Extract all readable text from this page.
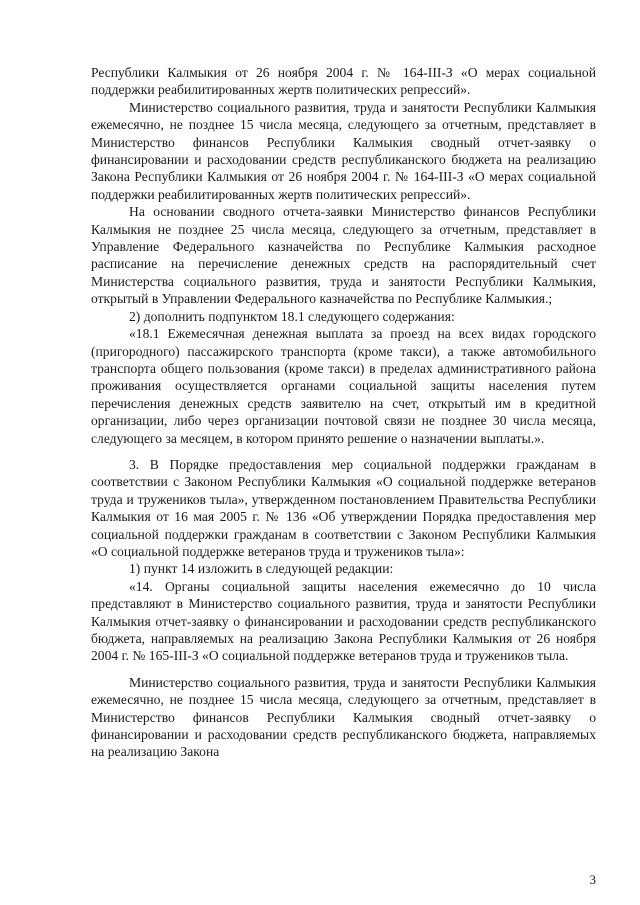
Республики Калмыкия от 26 ноября 2004 г. № 164-III-З «О мерах социальной поддержки реабилитированных жертв политических репрессий».

Министерство социального развития, труда и занятости Республики Калмыкия ежемесячно, не позднее 15 числа месяца, следующего за отчетным, представляет в Министерство финансов Республики Калмыкия сводный отчет-заявку о финансировании и расходовании средств республиканского бюджета на реализацию Закона Республики Калмыкия от 26 ноября 2004 г. № 164-III-З «О мерах социальной поддержки реабилитированных жертв политических репрессий».

На основании сводного отчета-заявки Министерство финансов Республики Калмыкия не позднее 25 числа месяца, следующего за отчетным, представляет в Управление Федерального казначейства по Республике Калмыкия расходное расписание на перечисление денежных средств на распорядительный счет Министерства социального развития, труда и занятости Республики Калмыкия, открытый в Управлении Федерального казначейства по Республике Калмыкия.;

2) дополнить подпунктом 18.1 следующего содержания:

«18.1 Ежемесячная денежная выплата за проезд на всех видах городского (пригородного) пассажирского транспорта (кроме такси), а также автомобильного транспорта общего пользования (кроме такси) в пределах административного района проживания осуществляется органами социальной защиты населения путем перечисления денежных средств заявителю на счет, открытый им в кредитной организации, либо через организации почтовой связи не позднее 30 числа месяца, следующего за месяцем, в котором принято решение о назначении выплаты.».

3. В Порядке предоставления мер социальной поддержки гражданам в соответствии с Законом Республики Калмыкия «О социальной поддержке ветеранов труда и тружеников тыла», утвержденном постановлением Правительства Республики Калмыкия от 16 мая 2005 г. № 136 «Об утверждении Порядка предоставления мер социальной поддержки гражданам в соответствии с Законом Республики Калмыкия «О социальной поддержке ветеранов труда и тружеников тыла»:

1) пункт 14 изложить в следующей редакции:

«14. Органы социальной защиты населения ежемесячно до 10 числа представляют в Министерство социального развития, труда и занятости Республики Калмыкия отчет-заявку о финансировании и расходовании средств республиканского бюджета, направляемых на реализацию Закона Республики Калмыкия от 26 ноября 2004 г. № 165-III-З «О социальной поддержке ветеранов труда и тружеников тыла.

Министерство социального развития, труда и занятости Республики Калмыкия ежемесячно, не позднее 15 числа месяца, следующего за отчетным, представляет в Министерство финансов Республики Калмыкия сводный отчет-заявку о финансировании и расходовании средств республиканского бюджета, направляемых на реализацию Закона

3
